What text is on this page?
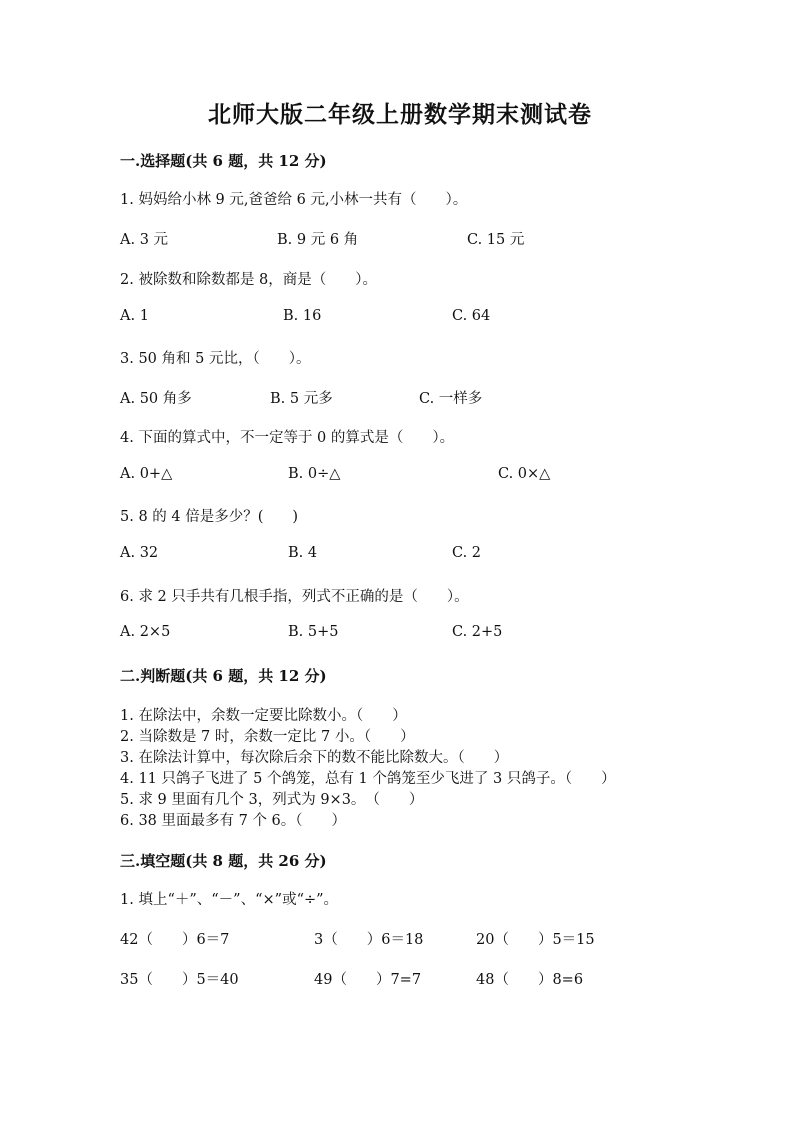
北师大版二年级上册数学期末测试卷
一.选择题(共 6 题，共 12 分)
1. 妈妈给小林 9 元,爸爸给 6 元,小林一共有（　　）。
A. 3 元	B. 9 元 6 角	C. 15 元
2. 被除数和除数都是 8，商是（　　）。
A. 1	B. 16	C. 64
3. 50 角和 5 元比，（　　）。
A. 50 角多	B. 5 元多	C. 一样多
4. 下面的算式中，不一定等于 0 的算式是（　　）。
A. 0+△	B. 0÷△	C. 0×△
5. 8 的 4 倍是多少？(　　)
A. 32	B. 4	C. 2
6. 求 2 只手共有几根手指，列式不正确的是（　　）。
A. 2×5	B. 5+5	C. 2+5
二.判断题(共 6 题，共 12 分)
1. 在除法中，余数一定要比除数小。（　　）
2. 当除数是 7 时，余数一定比 7 小。（　　）
3. 在除法计算中，每次除后余下的数不能比除数大。（　　）
4. 11 只鸽子飞进了 5 个鸽笼，总有 1 个鸽笼至少飞进了 3 只鸽子。（　　）
5. 求 9 里面有几个 3，列式为 9×3。　（　　）
6. 38 里面最多有 7 个 6。（　　）
三.填空题(共 8 题，共 26 分)
1. 填上“＋”、“－”、“×”或“÷”。
42（　　）6＝7	3（　　）6＝18	20（　　）5＝15
35（　　）5＝40	49（　　）7=7	48（　　）8=6
